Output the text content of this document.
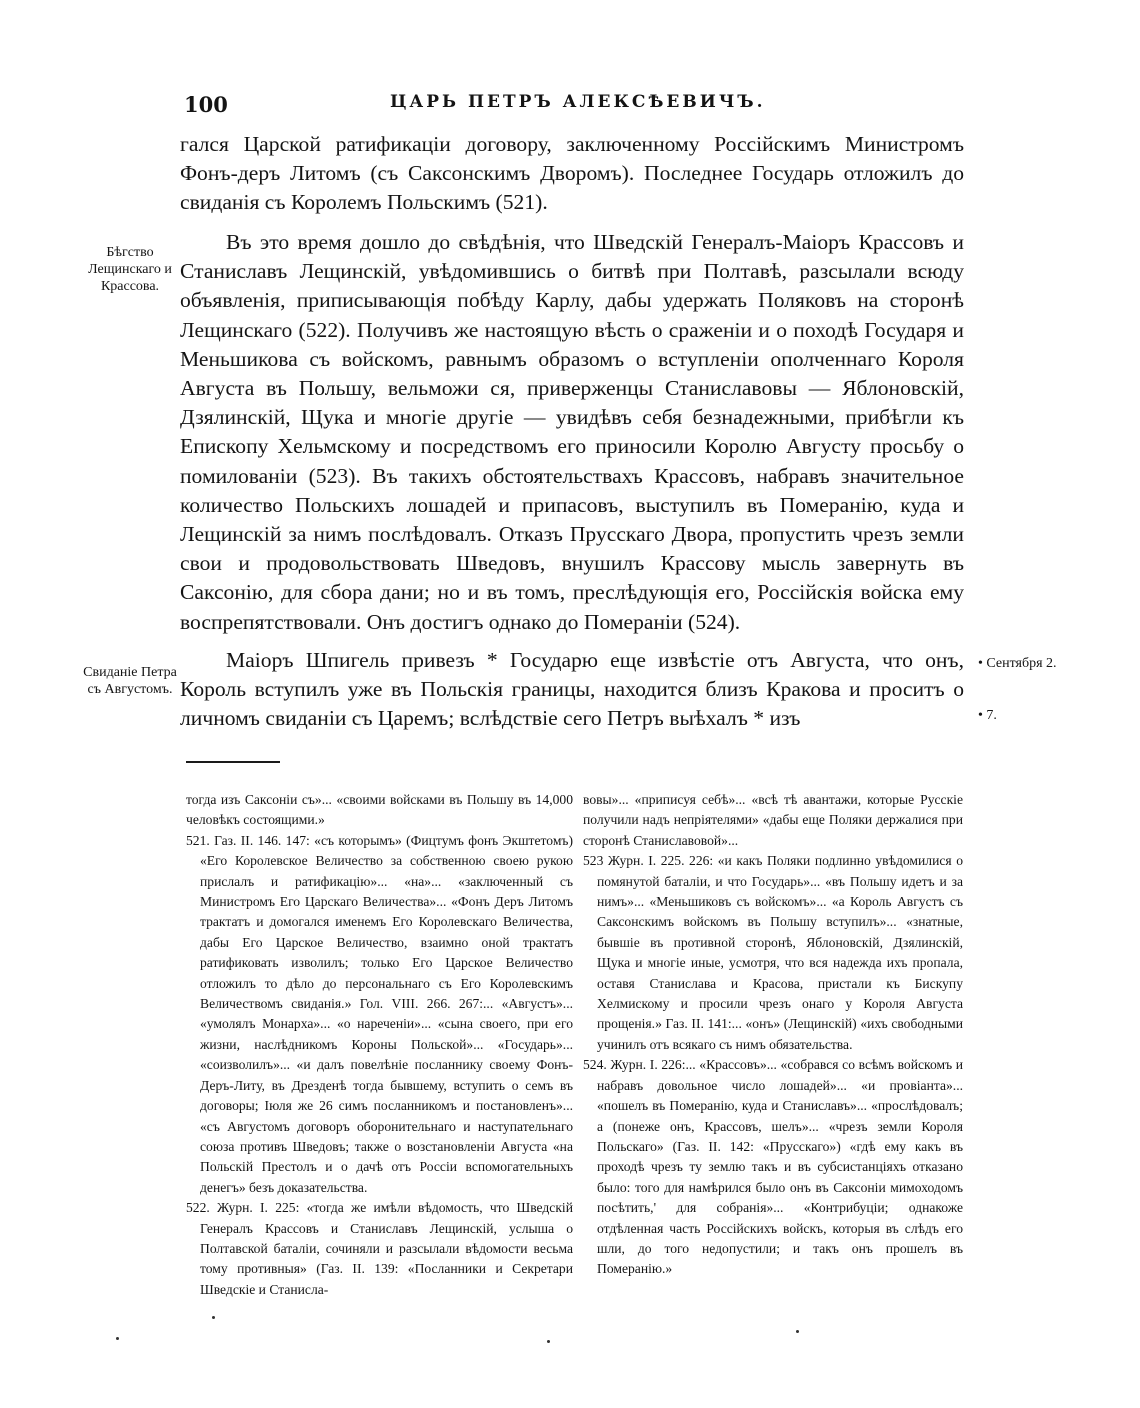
100	ЦАРЬ ПЕТРЪ АЛЕКСѢЕВИЧЪ.

гался Царской ратификаціи договору, заключенному Россійскимъ Министромъ Фонъ-деръ Литомъ (съ Саксонскимъ Дворомъ). Последнее Государь отложилъ до свиданія съ Королемъ Польскимъ (521).

Въ это время дошло до свѣдѣнія, что Шведскій Генералъ-Маіоръ Крассовъ и Станиславъ Лещинскій, увѣдомившись о битвѣ при Полтавѣ, разсылали всюду объявленія, приписывающія побѣду Карлу, дабы удержать Поляковъ на сторонѣ Лещинскаго (522). Получивъ же настоящую вѣсть о сраженіи и о походѣ Государя и Меньшикова съ войскомъ, равнымъ образомъ о вступленіи ополченнаго Короля Августа въ Польшу, вельможи ся, приверженцы Станиславовы — Яблоновскій, Дзялинскій, Щука и многіе другіе — увидѣвъ себя безнадежными, прибѣгли къ Епископу Хельмскому и посредствомъ его приносили Королю Августу просьбу о помилованіи (523). Въ такихъ обстоятельствахъ Крассовъ, набравъ значительное количество Польскихъ лошадей и припасовъ, выступилъ въ Померанію, куда и Лещинскій за нимъ послѣдовалъ. Отказъ Прусскаго Двора, пропустить чрезъ земли свои и продовольствовать Шведовъ, внушилъ Крассову мысль завернуть въ Саксонію, для сбора дани; но и въ томъ, преслѣдующія его, Россійскія войска ему воспрепятствовали. Онъ достигъ однако до Помераніи (524).

Маіоръ Шпигель привезъ * Государю еще извѣстіе отъ Августа, что онъ, Король вступилъ уже въ Польскія границы, находится близъ Кракова и проситъ о личномъ свиданіи съ Царемъ; вслѣдствіе сего Петръ выѣхалъ * изъ

Бѣгство Лещинскаго и Крассова.
Свиданіе Петра съ Августомъ.
• Сентября 2.
• 7.

тогда изъ Саксоніи съ»... «своими войсками въ Польшу въ 14,000 человѣкъ состоящими.»

521. Газ. II. 146. 147: «съ которымъ» (Фицтумъ фонъ Экштетомъ) «Его Королевское Величество за собственною своею рукою прислалъ и ратификацію»... «на»... «заключенный съ Министромъ Его Царскаго Величества»... «Фонъ Деръ Литомъ трактатъ и домогался именемъ Его Королевскаго Величества, дабы Его Царское Величество, взаимно оной трактатъ ратификовать изволилъ; только Его Царское Величество отложилъ то дѣло до персональнаго съ Его Королевскимъ Величествомъ свиданія.» Гол. VIII. 266. 267:... «Августъ»... «умолялъ Монарха»... «о нареченіи»... «сына своего, при его жизни, наслѣдникомъ Короны Польской»... «Государь»... «соизволилъ»... «и далъ повелѣніе посланнику своему Фонъ-Деръ-Литу, въ Дрезденѣ тогда бывшему, вступить о семъ въ договоры; Іюля же 26 симъ посланникомъ и постановленъ»... «съ Августомъ договоръ оборонительнаго и наступательнаго союза противъ Шведовъ; также о возстановленіи Августа «на Польскій Престолъ и о дачѣ отъ Россіи вспомогательныхъ денегъ» безъ доказательства.

522. Журн. I. 225: «тогда же имѣли вѣдомость, что Шведскій Генералъ Крассовъ и Станиславъ Лещинскій, услыша о Полтавской баталіи, сочиняли и разсылали вѣдомости весьма тому противныя» (Газ. II. 139: «Посланники и Секретари Шведскіе и Станисла-

вовы»... «приписуя себѣ»... «всѣ тѣ авантажи, которые Русскіе получили надъ непріятелями» «дабы еще Поляки держалися при сторонѣ Станиславовой»...

523 Журн. I. 225. 226: «и какъ Поляки подлинно увѣдомилися о помянутой баталіи, и что Государь»... «въ Польшу идетъ и за нимъ»... «Меньшиковъ съ войскомъ»... «а Король Августъ съ Саксонскимъ войскомъ въ Польшу вступилъ»... «знатные, бывшіе въ противной сторонѣ, Яблоновскій, Дзялинскій, Щука и многіе иные, усмотря, что вся надежда ихъ пропала, оставя Станислава и Красова, пристали къ Бискупу Хелмискому и просили чрезъ онаго у Короля Августа прощенія.» Газ. II. 141:... «онъ» (Лещинскій) «ихъ свободными учинилъ отъ всякаго съ нимъ обязательства.

524. Журн. I. 226:... «Крассовъ»... «собрався со всѣмъ войскомъ и набравъ довольное число лошадей»... «и провіанта»... «пошелъ въ Померанію, куда и Станиславъ»... «прослѣдовалъ; а (понеже онъ, Крассовъ, шелъ»... «чрезъ земли Короля Польскаго» (Газ. II. 142: «Прусскаго») «гдѣ ему какъ въ проходѣ чрезъ ту землю такъ и въ субсистанціяхъ отказано было: того для намѣрился было онъ въ Саксоніи мимоходомъ посѣтить,' для собранія»... «Контрибуціи; однакоже отдѣленная часть Россійскихъ войскъ, которыя въ слѣдъ его шли, до того недопустили; и такъ онъ прошелъ въ Померанію.»
